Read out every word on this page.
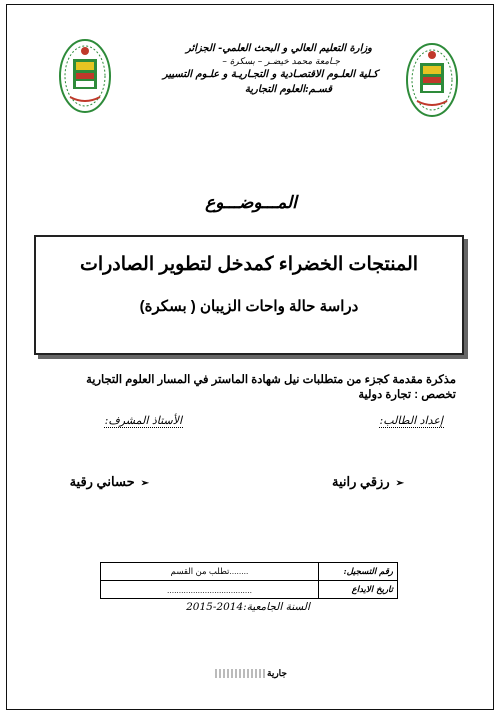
وزارة التعليم العالي و البحث العلمي- الجزائر
جـامعة محمد خيضـر – بسكرة –
كـلية العلـوم الاقتصـادية و التجـاريـة و علـوم التسيير
قسـم:العلوم التجارية
المـــوضـــوع
المنتجات الخضراء كمدخل لتطوير الصادرات
دراسة حالة واحات الزيبان ( بسكرة)
مذكرة مقدمة كجزء من متطلبات نيل شهادة الماستر في المسار العلوم التجارية
تخصص : تجارة دولية
إعداد الطالب:
الأستاذ المشرف:
➢رزقي رانية
➢حساني رقية
رقم التسجيل:	........تطلب من القسم
تاريخ الايداع	....................................
السنة الجامعية:2014-2015
جارية
